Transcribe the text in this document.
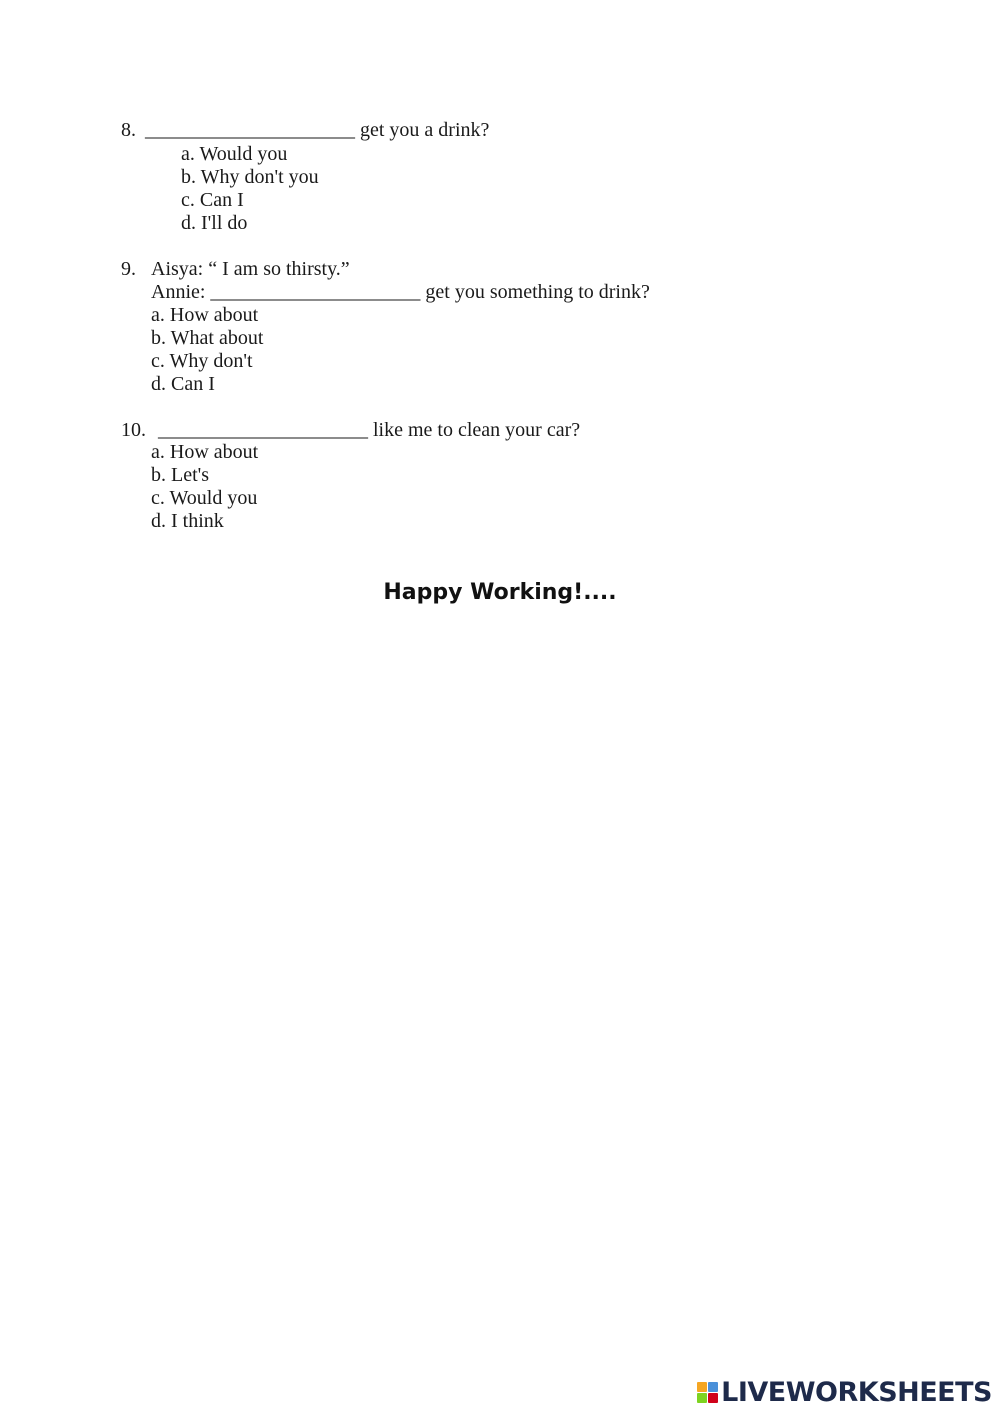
8. _____________________ get you a drink?
a. Would you
b. Why don't you
c. Can I
d. I'll do
9. Aisya: “ I am so thirsty.”
Annie: _____________________ get you something to drink?
a. How about
b. What about
c. Why don't
d. Can I
10. _____________________ like me to clean your car?
a. How about
b. Let's
c. Would you
d. I think
Happy Working!....
LIVEWORKSHEETS
